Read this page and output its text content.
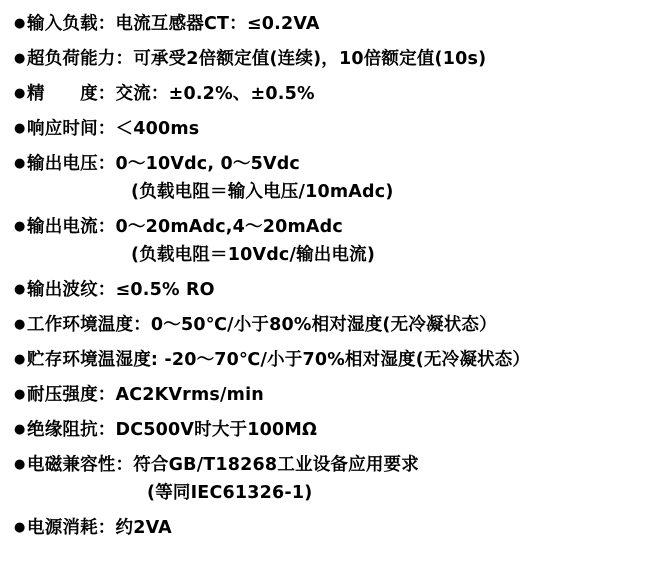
● 输入负载：电流互感器CT：≤0.2VA
● 超负荷能力：可承受2倍额定值(连续)，10倍额定值(10s)
● 精　　度：交流：±0.2%、±0.5%
● 响应时间：＜400ms
● 输出电压：0～10Vdc, 0～5Vdc
(负载电阻＝输入电压/10mAdc)
● 输出电流：0～20mAdc,4～20mAdc
(负载电阻＝10Vdc/输出电流)
● 输出波纹：≤0.5% RO
● 工作环境温度：0～50℃/小于80%相对湿度(无冷凝状态）
● 贮存环境温湿度: -20～70℃/小于70%相对湿度(无冷凝状态）
● 耐压强度：AC2KVrms/min
● 绝缘阻抗：DC500V时大于100MΩ
● 电磁兼容性：符合GB/T18268工业设备应用要求
(等同IEC61326-1)
● 电源消耗：约2VA
